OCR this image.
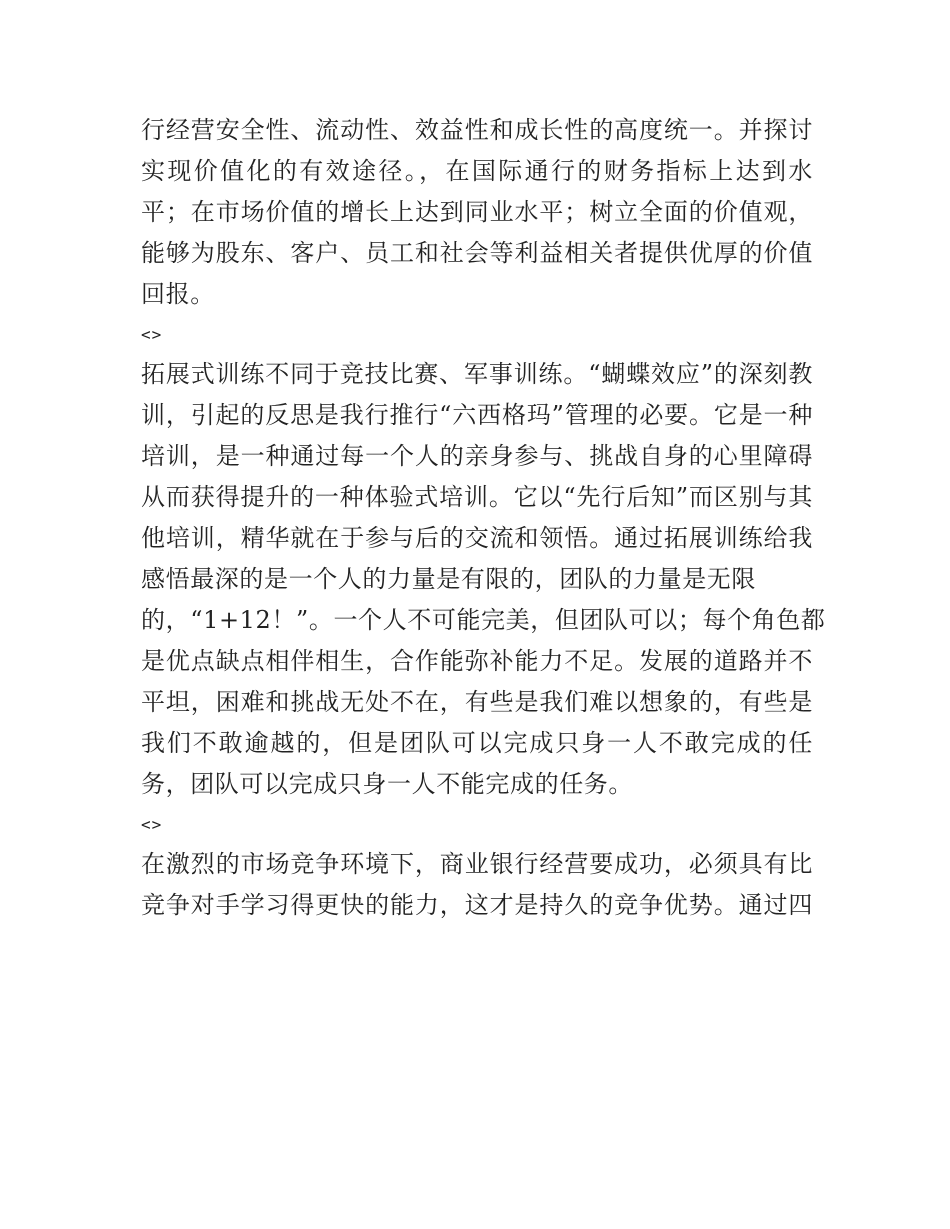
行经营安全性、流动性、效益性和成长性的高度统一。并探讨
实现价值化的有效途径。，在国际通行的财务指标上达到水
平；在市场价值的增长上达到同业水平；树立全面的价值观，
能够为股东、客户、员工和社会等利益相关者提供优厚的价值
回报。
<>
拓展式训练不同于竞技比赛、军事训练。“蝴蝶效应”的深刻教
训，引起的反思是我行推行“六西格玛”管理的必要。它是一种
培训，是一种通过每一个人的亲身参与、挑战自身的心里障碍
从而获得提升的一种体验式培训。它以“先行后知”而区别与其
他培训，精华就在于参与后的交流和领悟。通过拓展训练给我
感悟最深的是一个人的力量是有限的，团队的力量是无限
的，“1+12！”。一个人不可能完美，但团队可以；每个角色都
是优点缺点相伴相生，合作能弥补能力不足。发展的道路并不
平坦，困难和挑战无处不在，有些是我们难以想象的，有些是
我们不敢逾越的，但是团队可以完成只身一人不敢完成的任
务，团队可以完成只身一人不能完成的任务。
<>
在激烈的市场竞争环境下，商业银行经营要成功，必须具有比
竞争对手学习得更快的能力，这才是持久的竞争优势。通过四
